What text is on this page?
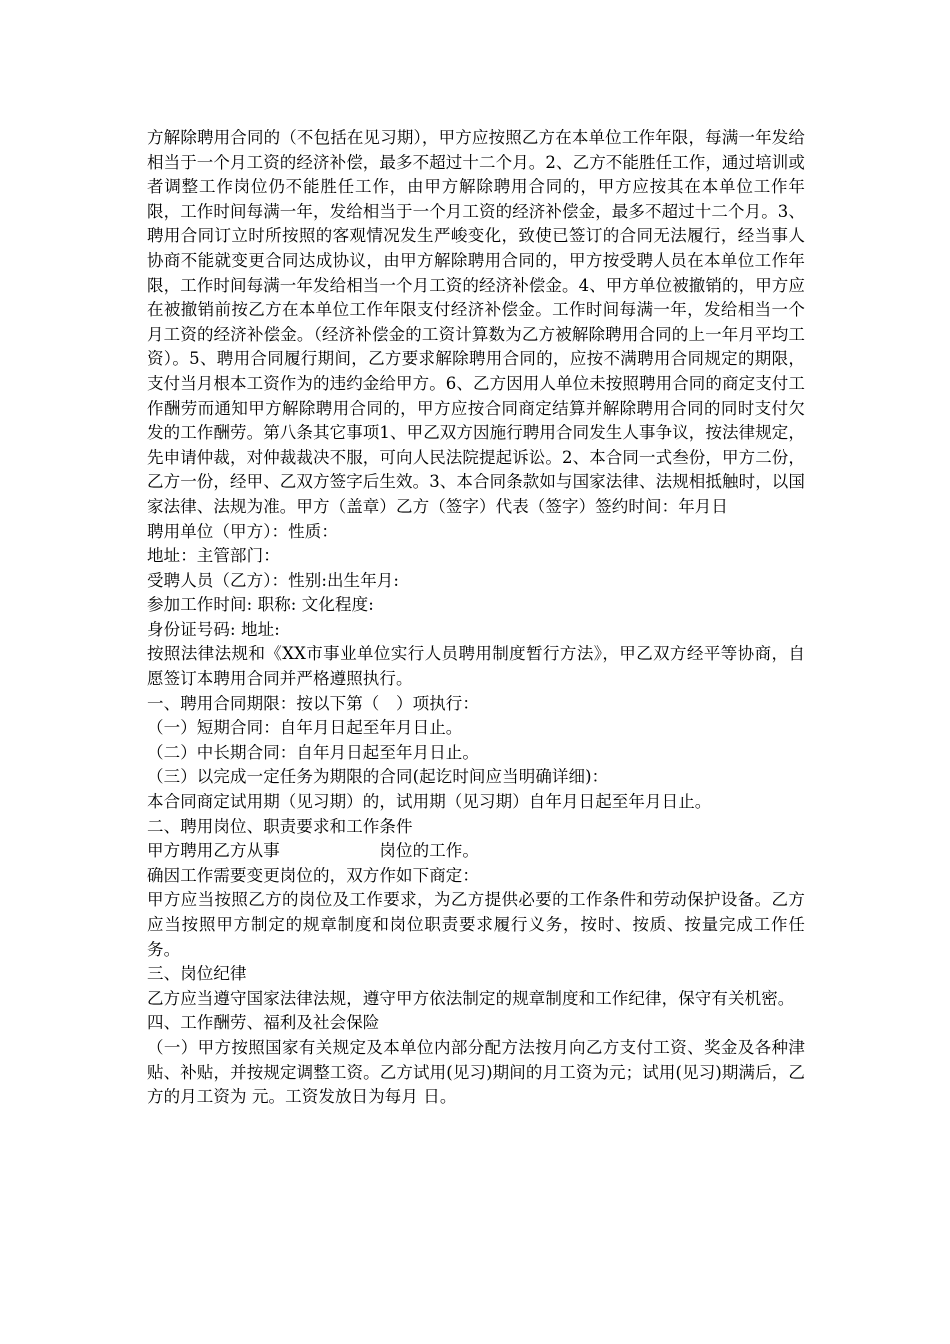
方解除聘用合同的（不包括在见习期），甲方应按照乙方在本单位工作年限，每满一年发给相当于一个月工资的经济补偿，最多不超过十二个月。2、乙方不能胜任工作，通过培训或者调整工作岗位仍不能胜任工作，由甲方解除聘用合同的，甲方应按其在本单位工作年限，工作时间每满一年，发给相当于一个月工资的经济补偿金，最多不超过十二个月。3、聘用合同订立时所按照的客观情况发生严峻变化，致使已签订的合同无法履行，经当事人协商不能就变更合同达成协议，由甲方解除聘用合同的，甲方按受聘人员在本单位工作年限，工作时间每满一年发给相当一个月工资的经济补偿金。4、甲方单位被撤销的，甲方应在被撤销前按乙方在本单位工作年限支付经济补偿金。工作时间每满一年，发给相当一个月工资的经济补偿金。（经济补偿金的工资计算数为乙方被解除聘用合同的上一年月平均工资）。5、聘用合同履行期间，乙方要求解除聘用合同的，应按不满聘用合同规定的期限，支付当月根本工资作为的违约金给甲方。6、乙方因用人单位未按照聘用合同的商定支付工作酬劳而通知甲方解除聘用合同的，甲方应按合同商定结算并解除聘用合同的同时支付欠发的工作酬劳。第八条其它事项1、甲乙双方因施行聘用合同发生人事争议，按法律规定，先申请仲裁，对仲裁裁决不服，可向人民法院提起诉讼。2、本合同一式叁份，甲方二份，乙方一份，经甲、乙双方签字后生效。3、本合同条款如与国家法律、法规相抵触时，以国家法律、法规为准。甲方（盖章）乙方（签字）代表（签字）签约时间：年月日

聘用单位（甲方）：性质：
地址：主管部门：
受聘人员（乙方）：性别:出生年月:
参加工作时间: 职称: 文化程度:
身份证号码: 地址:

按照法律法规和《XX市事业单位实行人员聘用制度暂行方法》，甲乙双方经平等协商，自愿签订本聘用合同并严格遵照执行。

一、聘用合同期限：按以下第（　）项执行：
（一）短期合同：自年月日起至年月日止。
（二）中长期合同：自年月日起至年月日止。
（三）以完成一定任务为期限的合同(起讫时间应当明确详细)：

本合同商定试用期（见习期）的，试用期（见习期）自年月日起至年月日止。

二、聘用岗位、职责要求和工作条件
甲方聘用乙方从事　　　　　　岗位的工作。
确因工作需要变更岗位的，双方作如下商定：

甲方应当按照乙方的岗位及工作要求，为乙方提供必要的工作条件和劳动保护设备。乙方应当按照甲方制定的规章制度和岗位职责要求履行义务，按时、按质、按量完成工作任务。

三、岗位纪律

乙方应当遵守国家法律法规，遵守甲方依法制定的规章制度和工作纪律，保守有关机密。

四、工作酬劳、福利及社会保险

（一）甲方按照国家有关规定及本单位内部分配方法按月向乙方支付工资、奖金及各种津贴、补贴，并按规定调整工资。乙方试用(见习)期间的月工资为元；试用(见习)期满后，乙方的月工资为 元。工资发放日为每月 日。
